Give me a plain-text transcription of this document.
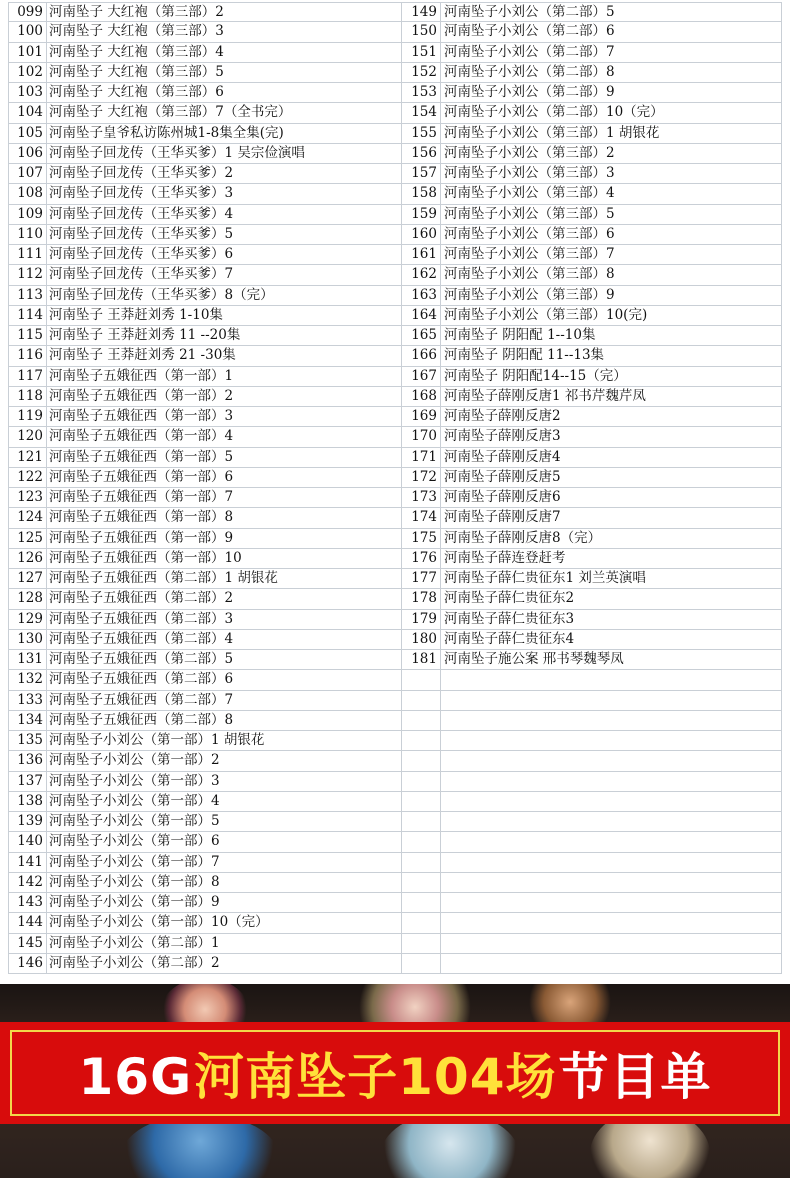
099 河南坠子 大红袍（第三部）2
100 河南坠子 大红袍（第三部）3
101 河南坠子 大红袍（第三部）4
102 河南坠子 大红袍（第三部）5
103 河南坠子 大红袍（第三部）6
104 河南坠子 大红袍（第三部）7（全书完）
105 河南坠子皇爷私访陈州城1-8集全集(完)
106 河南坠子回龙传（王华买爹）1 吴宗俭演唱
107 河南坠子回龙传（王华买爹）2
108 河南坠子回龙传（王华买爹）3
109 河南坠子回龙传（王华买爹）4
110 河南坠子回龙传（王华买爹）5
111 河南坠子回龙传（王华买爹）6
112 河南坠子回龙传（王华买爹）7
113 河南坠子回龙传（王华买爹）8（完）
114 河南坠子 王莽赶刘秀 1-10集
115 河南坠子 王莽赶刘秀 11 --20集
116 河南坠子 王莽赶刘秀 21 -30集
117 河南坠子五娥征西（第一部）1
118 河南坠子五娥征西（第一部）2
119 河南坠子五娥征西（第一部）3
120 河南坠子五娥征西（第一部）4
121 河南坠子五娥征西（第一部）5
122 河南坠子五娥征西（第一部）6
123 河南坠子五娥征西（第一部）7
124 河南坠子五娥征西（第一部）8
125 河南坠子五娥征西（第一部）9
126 河南坠子五娥征西（第一部）10
127 河南坠子五娥征西（第二部）1 胡银花
128 河南坠子五娥征西（第二部）2
129 河南坠子五娥征西（第二部）3
130 河南坠子五娥征西（第二部）4
131 河南坠子五娥征西（第二部）5
132 河南坠子五娥征西（第二部）6
133 河南坠子五娥征西（第二部）7
134 河南坠子五娥征西（第二部）8
135 河南坠子小刘公（第一部）1 胡银花
136 河南坠子小刘公（第一部）2
137 河南坠子小刘公（第一部）3
138 河南坠子小刘公（第一部）4
139 河南坠子小刘公（第一部）5
140 河南坠子小刘公（第一部）6
141 河南坠子小刘公（第一部）7
142 河南坠子小刘公（第一部）8
143 河南坠子小刘公（第一部）9
144 河南坠子小刘公（第一部）10（完）
145 河南坠子小刘公（第二部）1
146 河南坠子小刘公（第二部）2
149 河南坠子小刘公（第二部）5
150 河南坠子小刘公（第二部）6
151 河南坠子小刘公（第二部）7
152 河南坠子小刘公（第二部）8
153 河南坠子小刘公（第二部）9
154 河南坠子小刘公（第二部）10（完）
155 河南坠子小刘公（第三部）1 胡银花
156 河南坠子小刘公（第三部）2
157 河南坠子小刘公（第三部）3
158 河南坠子小刘公（第三部）4
159 河南坠子小刘公（第三部）5
160 河南坠子小刘公（第三部）6
161 河南坠子小刘公（第三部）7
162 河南坠子小刘公（第三部）8
163 河南坠子小刘公（第三部）9
164 河南坠子小刘公（第三部）10(完)
165 河南坠子 阴阳配 1--10集
166 河南坠子 阴阳配 11--13集
167 河南坠子 阴阳配14--15（完）
168 河南坠子薛刚反唐1 祁书芹魏芹凤
169 河南坠子薛刚反唐2
170 河南坠子薛刚反唐3
171 河南坠子薛刚反唐4
172 河南坠子薛刚反唐5
173 河南坠子薛刚反唐6
174 河南坠子薛刚反唐7
175 河南坠子薛刚反唐8（完）
176 河南坠子薛连登赶考
177 河南坠子薛仁贵征东1 刘兰英演唱
178 河南坠子薛仁贵征东2
179 河南坠子薛仁贵征东3
180 河南坠子薛仁贵征东4
181 河南坠子施公案 邢书琴魏琴凤
16G 河南坠子104场 节目单
